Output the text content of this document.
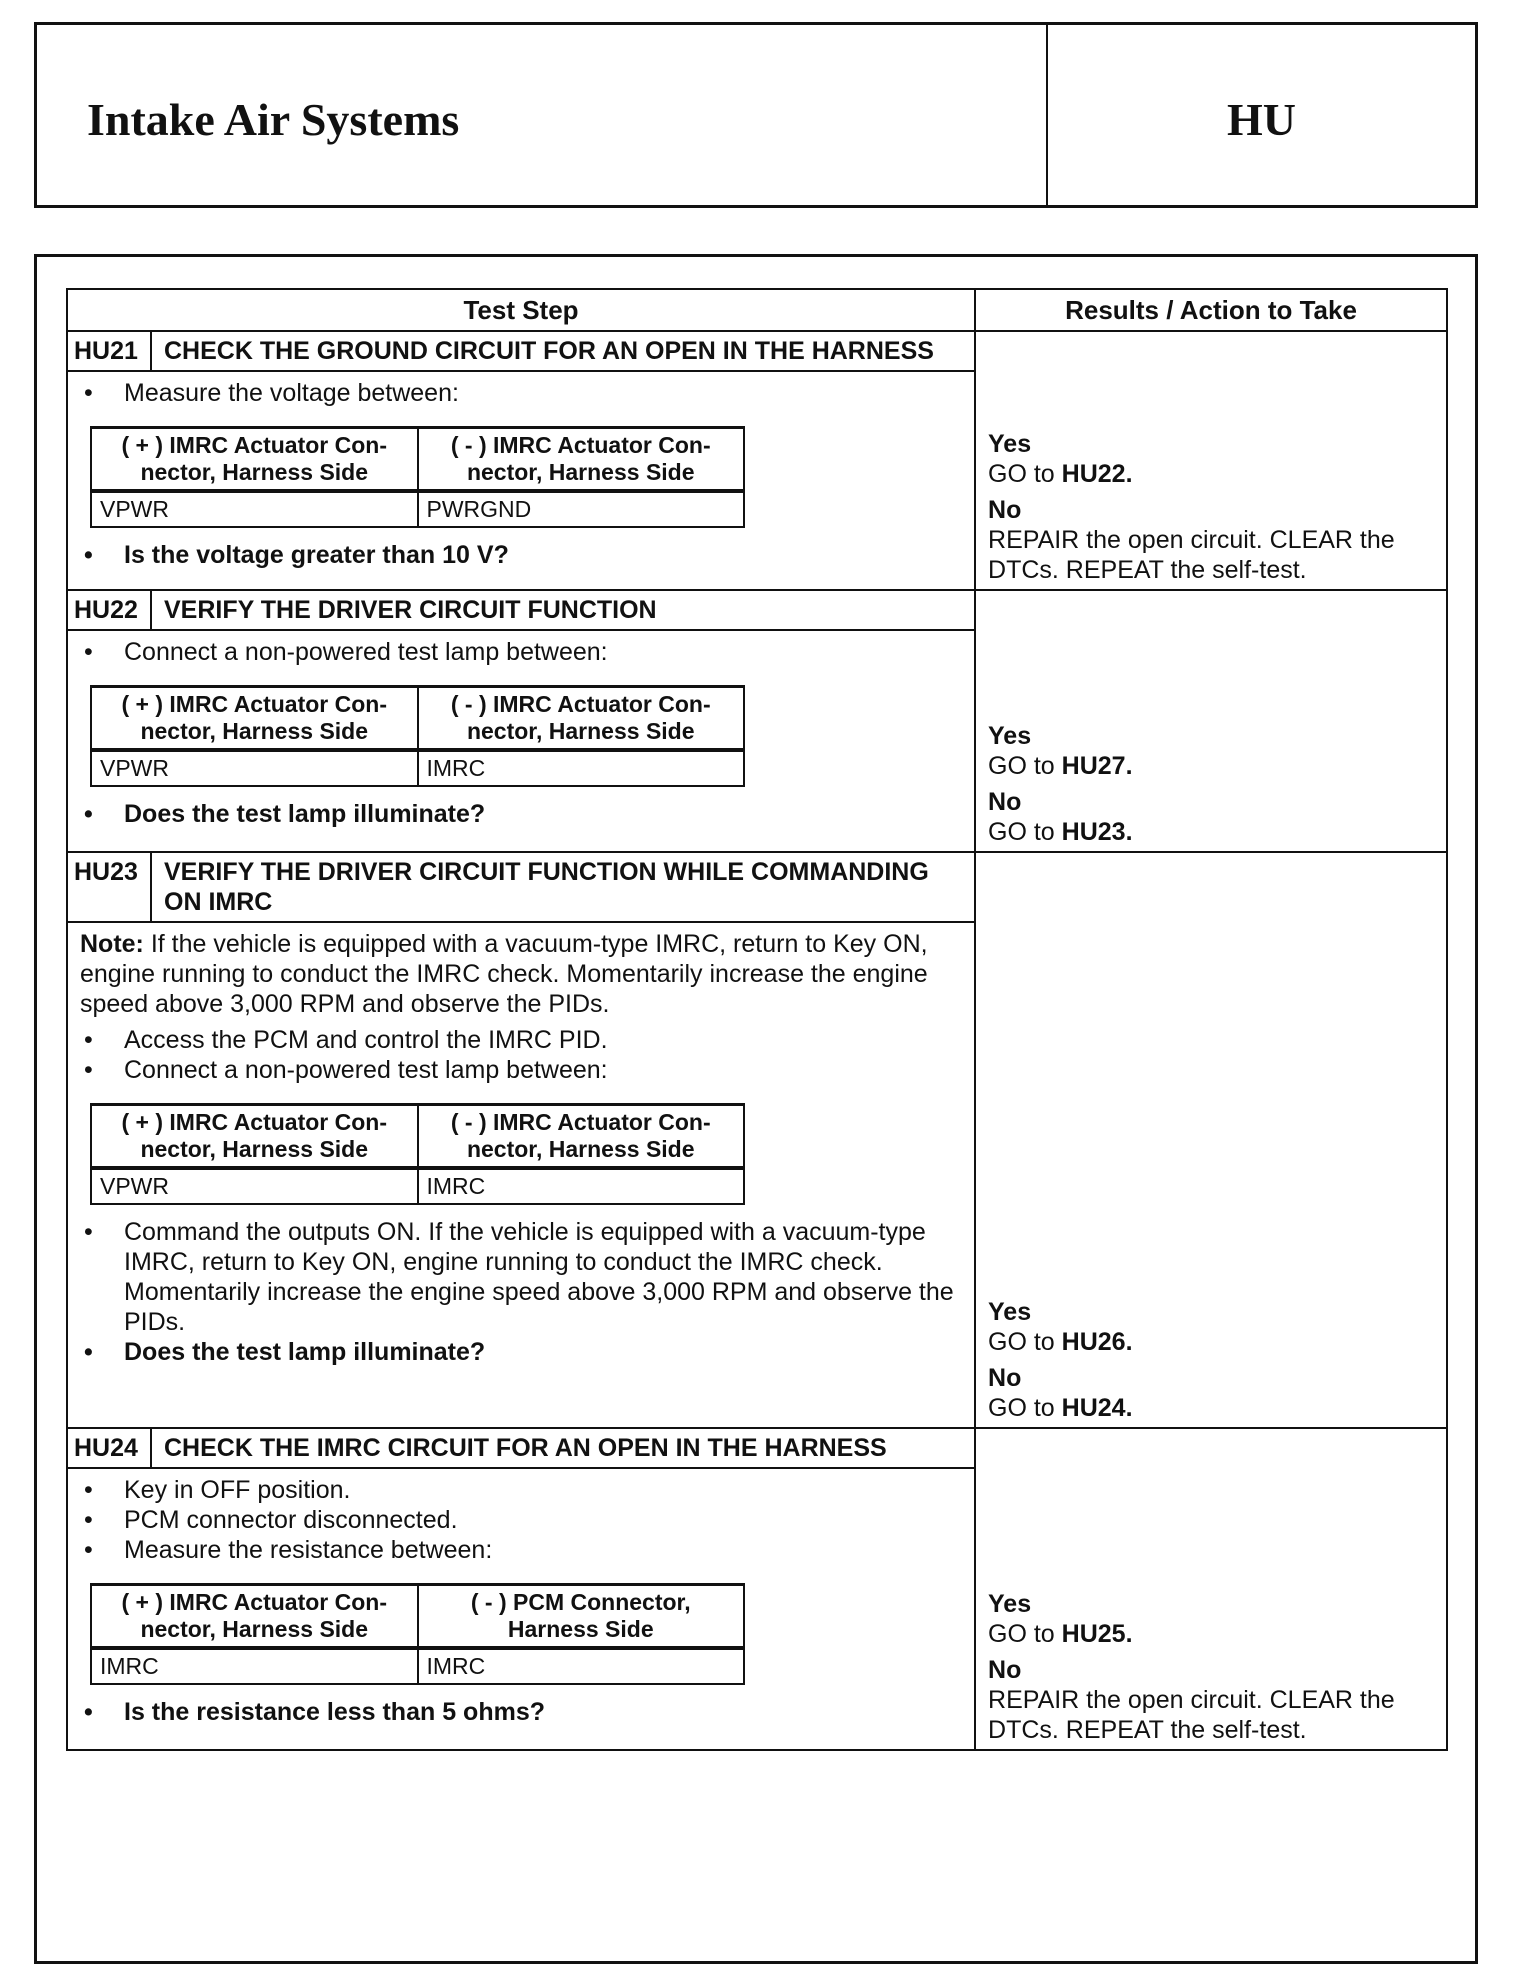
Intake Air Systems	HU
Test Step	Results / Action to Take
HU21	CHECK THE GROUND CIRCUIT FOR AN OPEN IN THE HARNESS	
Yes
GO to HU22.
No
REPAIR the open circuit. CLEAR the DTCs. REPEAT the self-test.

• Measure the voltage between:
( + ) IMRC Actuator Con-nector, Harness Side	( - ) IMRC Actuator Con-nector, Harness Side
VPWR	PWRGND
• Is the voltage greater than 10 V?

HU22	VERIFY THE DRIVER CIRCUIT FUNCTION	
Yes
GO to HU27.
No
GO to HU23.

• Connect a non-powered test lamp between:
( + ) IMRC Actuator Con-nector, Harness Side	( - ) IMRC Actuator Con-nector, Harness Side
VPWR	IMRC
• Does the test lamp illuminate?

HU23	VERIFY THE DRIVER CIRCUIT FUNCTION WHILE COMMANDING ON IMRC	
Yes
GO to HU26.
No
GO to HU24.

Note: If the vehicle is equipped with a vacuum-type IMRC, return to Key ON, engine running to conduct the IMRC check. Momentarily increase the engine speed above 3,000 RPM and observe the PIDs.
• Access the PCM and control the IMRC PID.
• Connect a non-powered test lamp between:
( + ) IMRC Actuator Con-nector, Harness Side	( - ) IMRC Actuator Con-nector, Harness Side
VPWR	IMRC
• Command the outputs ON. If the vehicle is equipped with a vacuum-type IMRC, return to Key ON, engine running to conduct the IMRC check. Momentarily increase the engine speed above 3,000 RPM and observe the PIDs.
• Does the test lamp illuminate?

HU24	CHECK THE IMRC CIRCUIT FOR AN OPEN IN THE HARNESS	
Yes
GO to HU25.
No
REPAIR the open circuit. CLEAR the DTCs. REPEAT the self-test.

• Key in OFF position.
• PCM connector disconnected.
• Measure the resistance between:
( + ) IMRC Actuator Con-nector, Harness Side	( - ) PCM Connector, Harness Side
IMRC	IMRC
• Is the resistance less than 5 ohms?
